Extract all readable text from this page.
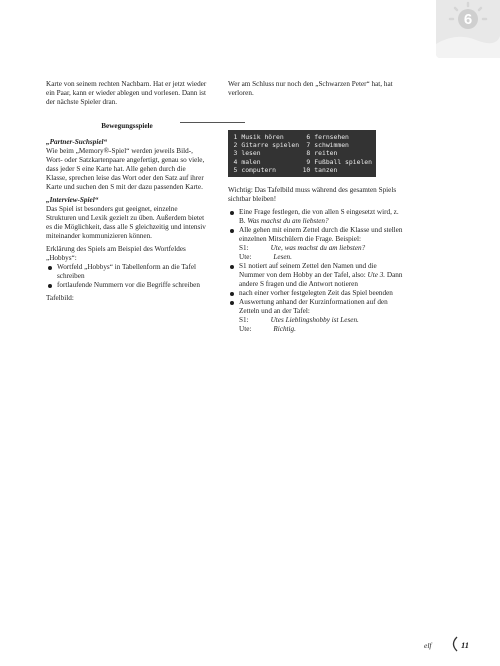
6

Karte von seinem rechten Nachbarn. Hat er jetzt wieder ein Paar, kann er wieder ablegen und vorlesen. Dann ist der nächste Spieler dran.

Bewegungsspiele

„Partner-Suchspiel“

Wie beim „Memory®-Spiel“ werden jeweils Bild-,

Wort- oder Satzkartenpaare angefertigt, genau so viele, dass jeder S eine Karte hat. Alle gehen durch die Klasse, sprechen leise das Wort oder den Satz auf ihrer Karte und suchen den S mit der dazu passenden Karte.

„Interview-Spiel“

Das Spiel ist besonders gut geeignet, einzelne Strukturen und Lexik gezielt zu üben. Außerdem bietet es die Möglichkeit, dass alle S gleichzeitig und intensiv miteinander kommunizieren können.

Erklärung des Spiels am Beispiel des Wortfeldes „Hobbys“:

Wortfeld „Hobbys“ in Tabellenform an die Tafel schreiben
fortlaufende Nummern vor die Begriffe schreiben

Tafelbild:

Wer am Schluss nur noch den „Schwarzen Peter“ hat, hat verloren.

1	Musik hören	6	fernsehen
2	Gitarre spielen	7	schwimmen
3	lesen	8	reiten
4	malen	9	Fußball spielen
5	computern	10	tanzen

Wichtig: Das Tafelbild muss während des gesamten Spiels sichtbar bleiben!

Eine Frage festlegen, die von allen S eingesetzt wird, z. B. Was machst du am liebsten?
Alle gehen mit einem Zettel durch die Klasse und stellen einzelnen Mitschülern die Frage. Beispiel:
S1:	Ute, was machst du am liebsten?
Ute:	Lesen.
S1 notiert auf seinem Zettel den Namen und die Nummer von dem Hobby an der Tafel, also: Ute 3. Dann andere S fragen und die Antwort notieren
nach einer vorher festgelegten Zeit das Spiel beenden
Auswertung anhand der Kurzinformationen auf den Zetteln und an der Tafel:
S1:	Utes Lieblingshobby ist Lesen.
Ute:	Richtig.
elf	11
